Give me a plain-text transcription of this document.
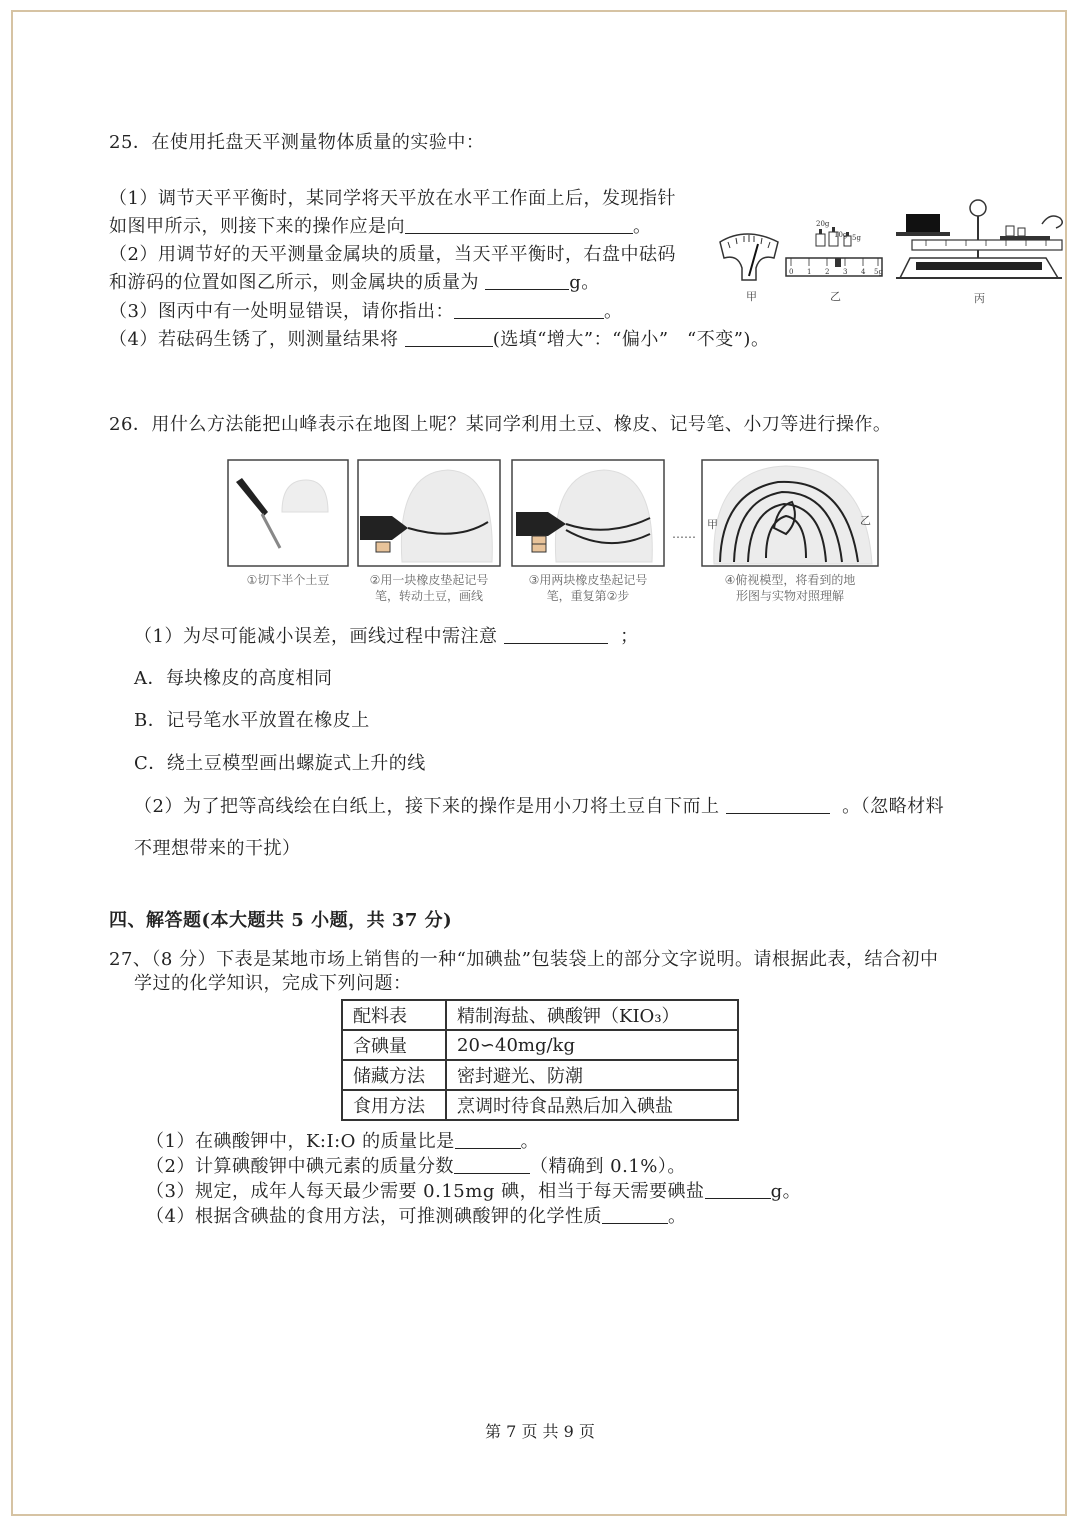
25．在使用托盘天平测量物体质量的实验中：
（1）调节天平平衡时，某同学将天平放在水平工作面上后，发现指针
如图甲所示，则接下来的操作应是向	。
（2）用调节好的天平测量金属块的质量，当天平平衡时，右盘中砝码
和游码的位置如图乙所示，则金属块的质量为	g。
（3）图丙中有一处明显错误，请你指出：	。
（4）若砝码生锈了，则测量结果将	(选填“增大”：“偏小”　“不变”)。
甲
20g
10g 5g
0 1 2 3 4 5g
乙	丙
26．用什么方法能把山峰表示在地图上呢？某同学利用土豆、橡皮、记号笔、小刀等进行操作。
……
甲	乙
①切下半个土豆	②用一块橡皮垫起记号
笔，转动土豆，画线
③用两块橡皮垫起记号
笔，重复第②步
④俯视模型，将看到的地
形图与实物对照理解
（1）为尽可能减小误差，画线过程中需注意	；
A．每块橡皮的高度相同
B．记号笔水平放置在橡皮上
C．绕土豆模型画出螺旋式上升的线
（2）为了把等高线绘在白纸上，接下来的操作是用小刀将土豆自下而上	。（忽略材料
不理想带来的干扰）
四、解答题(本大题共 5 小题，共 37 分)
27、（8 分）下表是某地市场上销售的一种“加碘盐”包装袋上的部分文字说明。请根据此表，结合初中
学过的化学知识，完成下列问题：
配料表	精制海盐、碘酸钾（KIO₃）
含碘量	20∽40mg/kg
储藏方法	密封避光、防潮
食用方法	烹调时待食品熟后加入碘盐
（1）在碘酸钾中，K:I:O 的质量比是	。
（2）计算碘酸钾中碘元素的质量分数	（精确到 0.1%）。
（3）规定，成年人每天最少需要 0.15mg 碘，相当于每天需要碘盐	g。
（4）根据含碘盐的食用方法，可推测碘酸钾的化学性质	。
第 7 页 共 9 页
